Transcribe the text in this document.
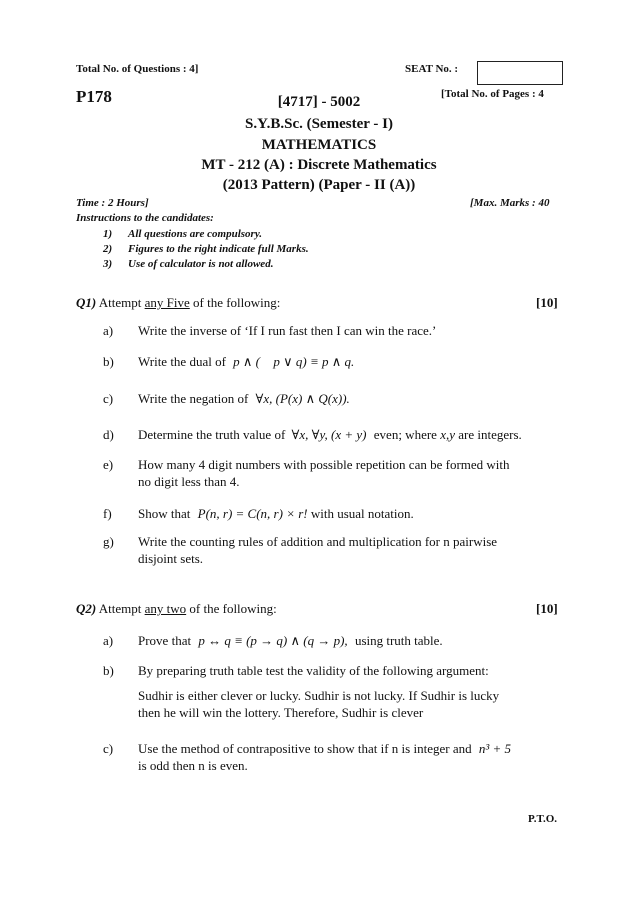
Total No. of Questions : 4]	SEAT No. :
P178	[Total No. of Pages : 4
[4717] - 5002
S.Y.B.Sc. (Semester - I)
MATHEMATICS
MT - 212 (A) : Discrete Mathematics
(2013 Pattern) (Paper - II (A))
Time : 2 Hours]	[Max. Marks : 40
Instructions to the candidates:
1) All questions are compulsory.
2) Figures to the right indicate full Marks.
3) Use of calculator is not allowed.
Q1) Attempt any Five of the following:	[10]
a) Write the inverse of ‘If I run fast then I can win the race.’
b) Write the dual of p ∧ ( p ∨ q) ≡ p ∧ q.
c) Write the negation of ∀x, (P(x) ∧ Q(x)).
d) Determine the truth value of ∀x, ∀y, (x + y) even; where x,y are integers.
e) How many 4 digit numbers with possible repetition can be formed with
no digit less than 4.
f) Show that P(n, r) = C(n, r) × r! with usual notation.
g) Write the counting rules of addition and multiplication for n pairwise
disjoint sets.
Q2) Attempt any two of the following:	[10]
a) Prove that p ↔ q ≡ (p → q) ∧ (q → p), using truth table.
b) By preparing truth table test the validity of the following argument:
Sudhir is either clever or lucky. Sudhir is not lucky. If Sudhir is lucky
then he will win the lottery. Therefore, Sudhir is clever
c) Use the method of contrapositive to show that if n is integer and n³ + 5
is odd then n is even.
P.T.O.
